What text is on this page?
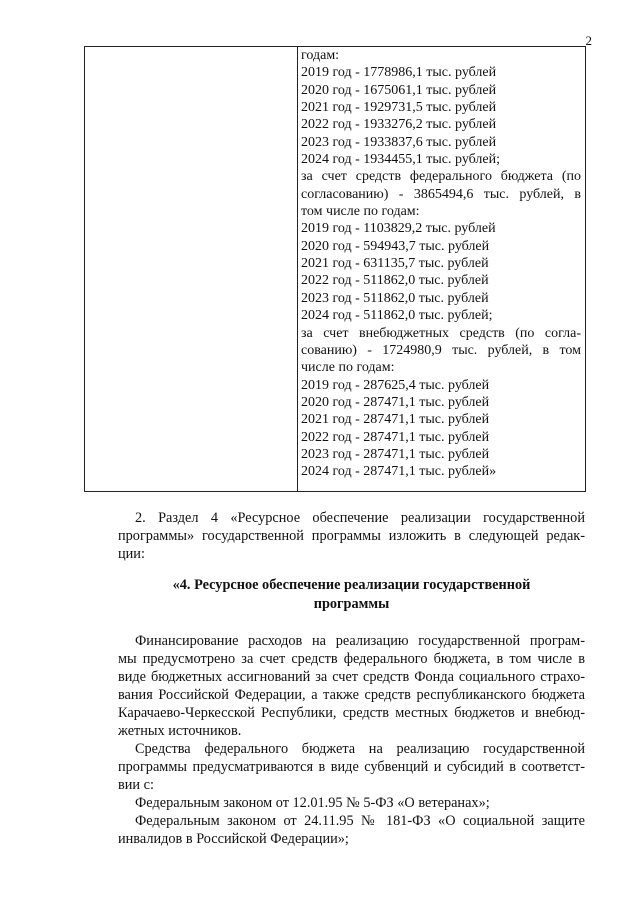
2
годам:
2019 год - 1778986,1 тыс. рублей
2020 год - 1675061,1 тыс. рублей
2021 год - 1929731,5 тыс. рублей
2022 год - 1933276,2 тыс. рублей
2023 год - 1933837,6 тыс. рублей
2024 год - 1934455,1 тыс. рублей;
за счет средств федерального бюджета (по
согласованию) - 3865494,6 тыс. рублей, в
том числе по годам:
2019 год - 1103829,2 тыс. рублей
2020 год - 594943,7 тыс. рублей
2021 год - 631135,7 тыс. рублей
2022 год - 511862,0 тыс. рублей
2023 год - 511862,0 тыс. рублей
2024 год - 511862,0 тыс. рублей;
за счет внебюджетных средств (по согла-
сованию) - 1724980,9 тыс. рублей, в том
числе по годам:
2019 год - 287625,4 тыс. рублей
2020 год - 287471,1 тыс. рублей
2021 год - 287471,1 тыс. рублей
2022 год - 287471,1 тыс. рублей
2023 год - 287471,1 тыс. рублей
2024 год - 287471,1 тыс. рублей»
2. Раздел 4 «Ресурсное обеспечение реализации государственной
программы» государственной программы изложить в следующей редак-
ции:
«4. Ресурсное обеспечение реализации государственной
программы
Финансирование расходов на реализацию государственной програм-
мы предусмотрено за счет средств федерального бюджета, в том числе в
виде бюджетных ассигнований за счет средств Фонда социального страхо-
вания Российской Федерации, а также средств республиканского бюджета
Карачаево-Черкесской Республики, средств местных бюджетов и внебюд-
жетных источников.
Средства федерального бюджета на реализацию государственной
программы предусматриваются в виде субвенций и субсидий в соответст-
вии с:
Федеральным законом от 12.01.95 № 5-ФЗ «О ветеранах»;
Федеральным законом от 24.11.95 № 181-ФЗ «О социальной защите
инвалидов в Российской Федерации»;
